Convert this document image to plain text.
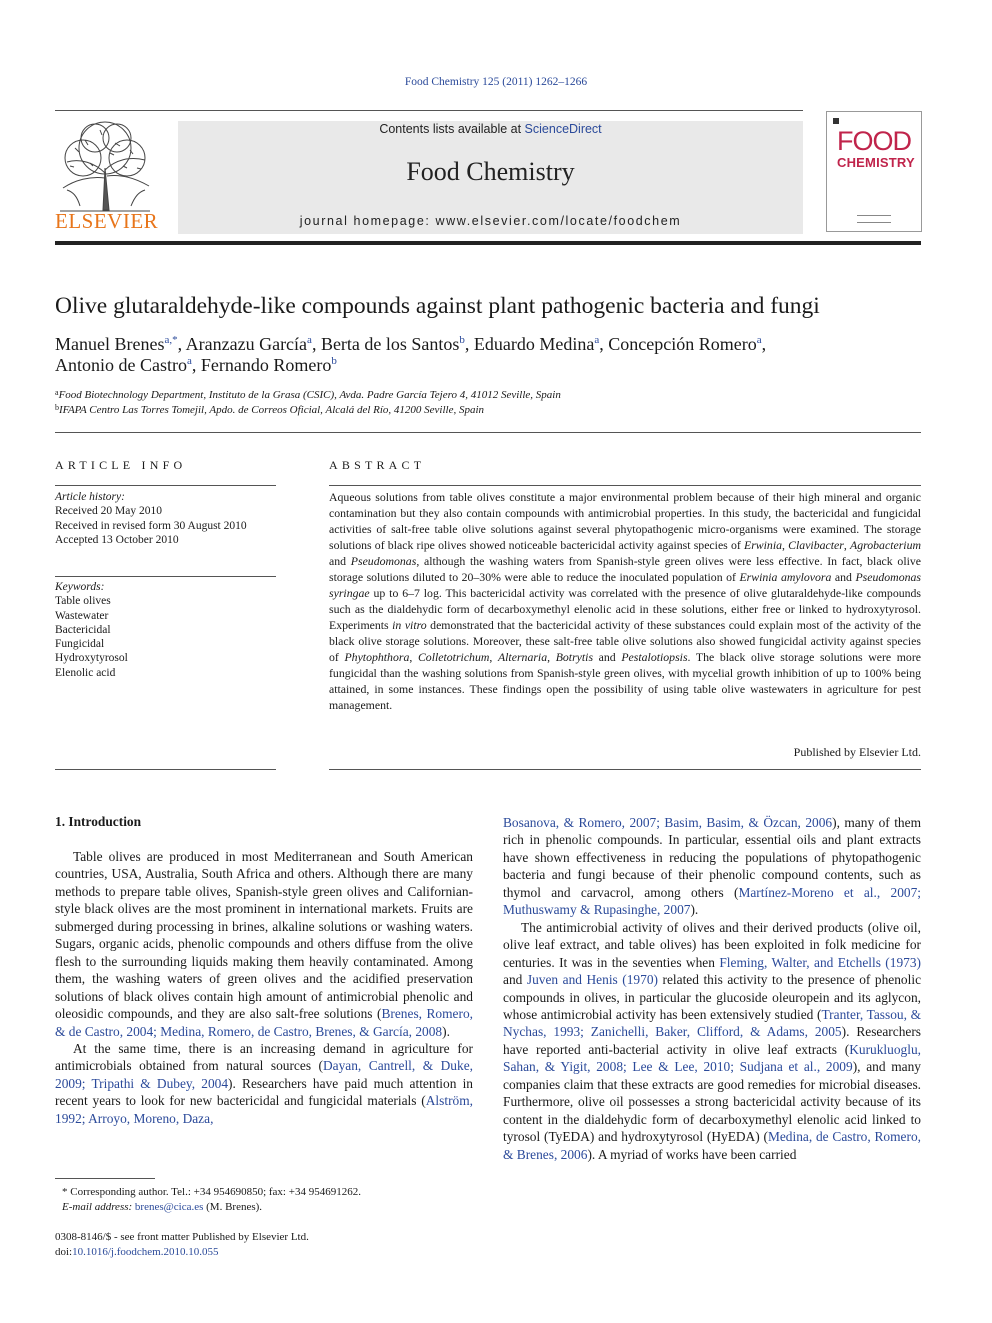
Food Chemistry 125 (2011) 1262–1266
ELSEVIER
Contents lists available at ScienceDirect
Food Chemistry
journal homepage: www.elsevier.com/locate/foodchem
FOOD
CHEMISTRY
Olive glutaraldehyde-like compounds against plant pathogenic bacteria and fungi
Manuel Brenes$^{a,*}$, Aranzazu García$^a$, Berta de los Santos$^b$, Eduardo Medina$^a$, Concepción Romero$^a$,
Antonio de Castro$^a$, Fernando Romero$^b$
$^a$Food Biotechnology Department, Instituto de la Grasa (CSIC), Avda. Padre García Tejero 4, 41012 Seville, Spain
$^b$IFAPA Centro Las Torres Tomejil, Apdo. de Correos Oficial, Alcalá del Río, 41200 Seville, Spain
ARTICLE INFO
Article history:
Received 20 May 2010
Received in revised form 30 August 2010
Accepted 13 October 2010
Keywords:
Table olives
Wastewater
Bactericidal
Fungicidal
Hydroxytyrosol
Elenolic acid
ABSTRACT
Aqueous solutions from table olives constitute a major environmental problem because of their high mineral and organic contamination but they also contain compounds with antimicrobial properties. In this study, the bactericidal and fungicidal activities of salt-free table olive solutions against several phytopathogenic micro-organisms were examined. The storage solutions of black ripe olives showed noticeable bactericidal activity against species of Erwinia, Clavibacter, Agrobacterium and Pseudomonas, although the washing waters from Spanish-style green olives were less effective. In fact, black olive storage solutions diluted to 20–30% were able to reduce the inoculated population of Erwinia amylovora and Pseudomonas syringae up to 6–7 log. This bactericidal activity was correlated with the presence of olive glutaraldehyde-like compounds such as the dialdehydic form of decarboxymethyl elenolic acid in these solutions, either free or linked to hydroxytyrosol. Experiments in vitro demonstrated that the bactericidal activity of these substances could explain most of the activity of the black olive storage solutions. Moreover, these salt-free table olive solutions also showed fungicidal activity against species of Phytophthora, Colletotrichum, Alternaria, Botrytis and Pestalotiopsis. The black olive storage solutions were more fungicidal than the washing solutions from Spanish-style green olives, with mycelial growth inhibition of up to 100% being attained, in some instances. These findings open the possibility of using table olive wastewaters in agriculture for pest management.
Published by Elsevier Ltd.
1. Introduction

Table olives are produced in most Mediterranean and South American countries, USA, Australia, South Africa and others. Although there are many methods to prepare table olives, Spanish-style green olives and Californian-style black olives are the most prominent in international markets. Fruits are submerged during processing in brines, alkaline solutions or washing waters. Sugars, organic acids, phenolic compounds and others diffuse from the olive flesh to the surrounding liquids making them heavily contaminated. Among them, the washing waters of green olives and the acidified preservation solutions of black olives contain high amount of antimicrobial phenolic and oleosidic compounds, and they are also salt-free solutions (Brenes, Romero, & de Castro, 2004; Medina, Romero, de Castro, Brenes, & García, 2008).

At the same time, there is an increasing demand in agriculture for antimicrobials obtained from natural sources (Dayan, Cantrell, & Duke, 2009; Tripathi & Dubey, 2004). Researchers have paid much attention in recent years to look for new bactericidal and fungicidal materials (Alström, 1992; Arroyo, Moreno, Daza,

Bosanova, & Romero, 2007; Basim, Basim, & Özcan, 2006), many of them rich in phenolic compounds. In particular, essential oils and plant extracts have shown effectiveness in reducing the populations of phytopathogenic bacteria and fungi because of their phenolic compound contents, such as thymol and carvacrol, among others (Martínez-Moreno et al., 2007; Muthuswamy & Rupasinghe, 2007).

The antimicrobial activity of olives and their derived products (olive oil, olive leaf extract, and table olives) has been exploited in folk medicine for centuries. It was in the seventies when Fleming, Walter, and Etchells (1973) and Juven and Henis (1970) related this activity to the presence of phenolic compounds in olives, in particular the glucoside oleuropein and its aglycon, whose antimicrobial activity has been extensively studied (Tranter, Tassou, & Nychas, 1993; Zanichelli, Baker, Clifford, & Adams, 2005). Researchers have reported anti-bacterial activity in olive leaf extracts (Kurukluoglu, Sahan, & Yigit, 2008; Lee & Lee, 2010; Sudjana et al., 2009), and many companies claim that these extracts are good remedies for microbial diseases. Furthermore, olive oil possesses a strong bactericidal activity because of its content in the dialdehydic form of decarboxymethyl elenolic acid linked to tyrosol (TyEDA) and hydroxytyrosol (HyEDA) (Medina, de Castro, Romero, & Brenes, 2006). A myriad of works have been carried

* Corresponding author. Tel.: +34 954690850; fax: +34 954691262.
E-mail address: brenes@cica.es (M. Brenes).
0308-8146/$ - see front matter Published by Elsevier Ltd.
doi:10.1016/j.foodchem.2010.10.055
